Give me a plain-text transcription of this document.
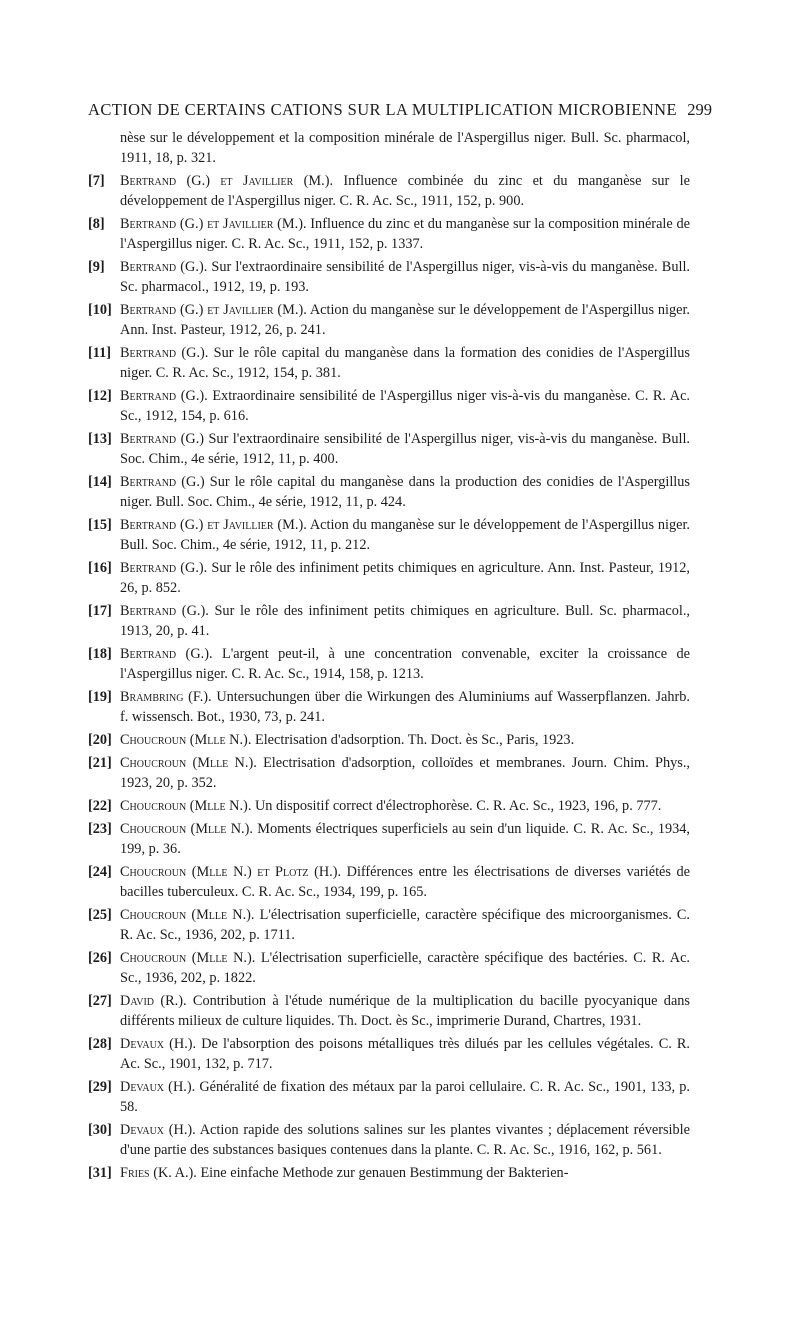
ACTION DE CERTAINS CATIONS SUR LA MULTIPLICATION MICROBIENNE 299
nèse sur le développement et la composition minérale de l'Aspergillus niger. Bull. Sc. pharmacol, 1911, 18, p. 321.
[7] Bertrand (G.) et Javillier (M.). Influence combinée du zinc et du manganèse sur le développement de l'Aspergillus niger. C. R. Ac. Sc., 1911, 152, p. 900.
[8] Bertrand (G.) et Javillier (M.). Influence du zinc et du manganèse sur la composition minérale de l'Aspergillus niger. C. R. Ac. Sc., 1911, 152, p. 1337.
[9] Bertrand (G.). Sur l'extraordinaire sensibilité de l'Aspergillus niger, vis-à-vis du manganèse. Bull. Sc. pharmacol., 1912, 19, p. 193.
[10] Bertrand (G.) et Javillier (M.). Action du manganèse sur le développement de l'Aspergillus niger. Ann. Inst. Pasteur, 1912, 26, p. 241.
[11] Bertrand (G.). Sur le rôle capital du manganèse dans la formation des conidies de l'Aspergillus niger. C. R. Ac. Sc., 1912, 154, p. 381.
[12] Bertrand (G.). Extraordinaire sensibilité de l'Aspergillus niger vis-à-vis du manganèse. C. R. Ac. Sc., 1912, 154, p. 616.
[13] Bertrand (G.) Sur l'extraordinaire sensibilité de l'Aspergillus niger, vis-à-vis du manganèse. Bull. Soc. Chim., 4e série, 1912, 11, p. 400.
[14] Bertrand (G.) Sur le rôle capital du manganèse dans la production des conidies de l'Aspergillus niger. Bull. Soc. Chim., 4e série, 1912, 11, p. 424.
[15] Bertrand (G.) et Javillier (M.). Action du manganèse sur le développement de l'Aspergillus niger. Bull. Soc. Chim., 4e série, 1912, 11, p. 212.
[16] Bertrand (G.). Sur le rôle des infiniment petits chimiques en agriculture. Ann. Inst. Pasteur, 1912, 26, p. 852.
[17] Bertrand (G.). Sur le rôle des infiniment petits chimiques en agriculture. Bull. Sc. pharmacol., 1913, 20, p. 41.
[18] Bertrand (G.). L'argent peut-il, à une concentration convenable, exciter la croissance de l'Aspergillus niger. C. R. Ac. Sc., 1914, 158, p. 1213.
[19] Brambring (F.). Untersuchungen über die Wirkungen des Aluminiums auf Wasserpflanzen. Jahrb. f. wissensch. Bot., 1930, 73, p. 241.
[20] Choucroun (Mlle N.). Electrisation d'adsorption. Th. Doct. ès Sc., Paris, 1923.
[21] Choucroun (Mlle N.). Electrisation d'adsorption, colloïdes et membranes. Journ. Chim. Phys., 1923, 20, p. 352.
[22] Choucroun (Mlle N.). Un dispositif correct d'électrophorèse. C. R. Ac. Sc., 1923, 196, p. 777.
[23] Choucroun (Mlle N.). Moments électriques superficiels au sein d'un liquide. C. R. Ac. Sc., 1934, 199, p. 36.
[24] Choucroun (Mlle N.) et Plotz (H.). Différences entre les électrisations de diverses variétés de bacilles tuberculeux. C. R. Ac. Sc., 1934, 199, p. 165.
[25] Choucroun (Mlle N.). L'électrisation superficielle, caractère spécifique des microorganismes. C. R. Ac. Sc., 1936, 202, p. 1711.
[26] Choucroun (Mlle N.). L'électrisation superficielle, caractère spécifique des bactéries. C. R. Ac. Sc., 1936, 202, p. 1822.
[27] David (R.). Contribution à l'étude numérique de la multiplication du bacille pyocyanique dans différents milieux de culture liquides. Th. Doct. ès Sc., imprimerie Durand, Chartres, 1931.
[28] Devaux (H.). De l'absorption des poisons métalliques très dilués par les cellules végétales. C. R. Ac. Sc., 1901, 132, p. 717.
[29] Devaux (H.). Généralité de fixation des métaux par la paroi cellulaire. C. R. Ac. Sc., 1901, 133, p. 58.
[30] Devaux (H.). Action rapide des solutions salines sur les plantes vivantes ; déplacement réversible d'une partie des substances basiques contenues dans la plante. C. R. Ac. Sc., 1916, 162, p. 561.
[31] Fries (K. A.). Eine einfache Methode zur genauen Bestimmung der Bakterien-
